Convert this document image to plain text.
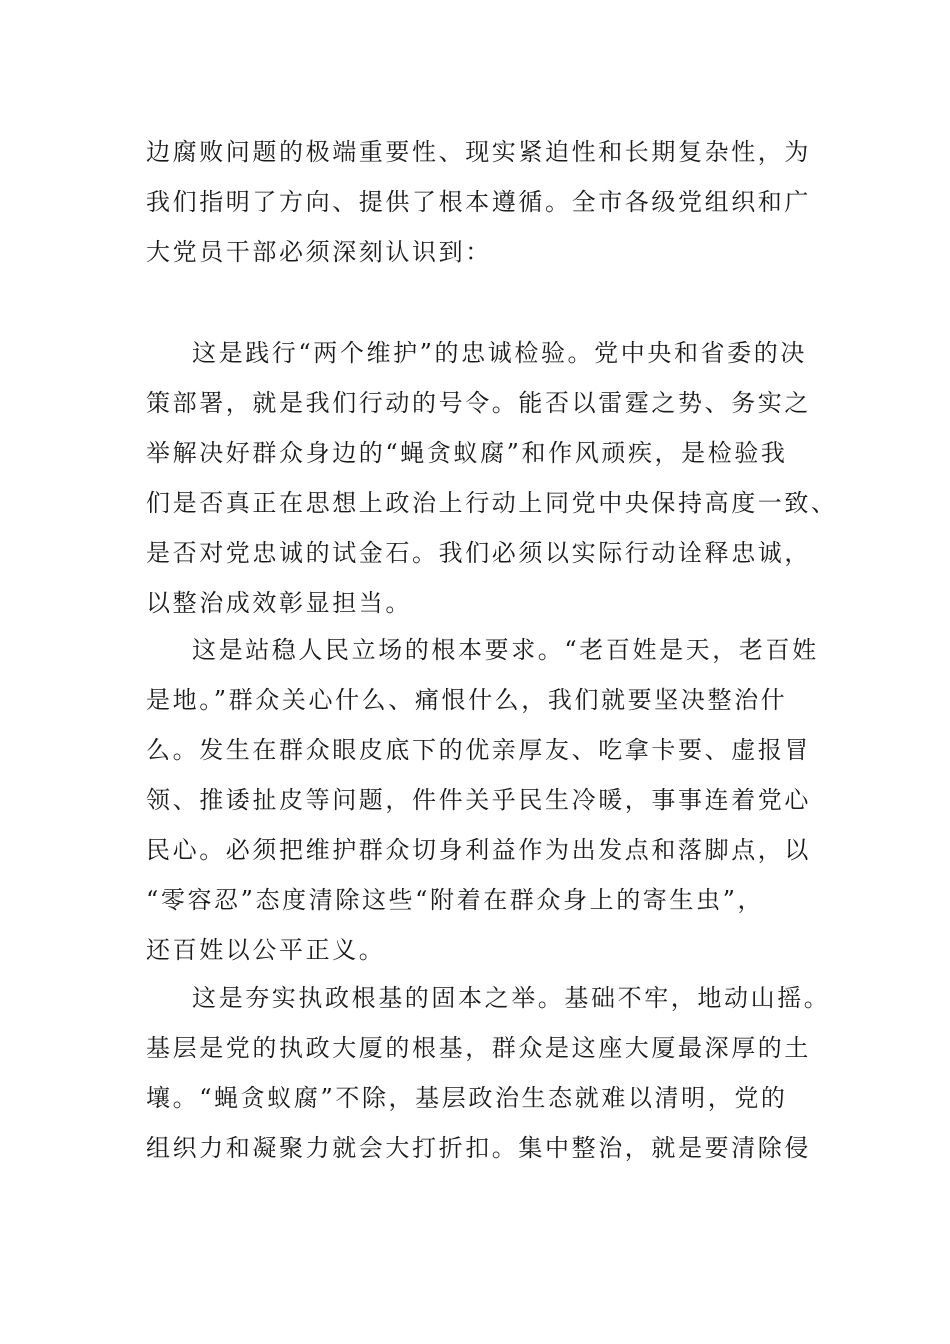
边腐败问题的极端重要性、现实紧迫性和长期复杂性，为
我们指明了方向、提供了根本遵循。全市各级党组织和广
大党员干部必须深刻认识到：
这是践行“两个维护”的忠诚检验。党中央和省委的决
策部署，就是我们行动的号令。能否以雷霆之势、务实之
举解决好群众身边的“蝇贪蚁腐”和作风顽疾，是检验我
们是否真正在思想上政治上行动上同党中央保持高度一致、
是否对党忠诚的试金石。我们必须以实际行动诠释忠诚，
以整治成效彰显担当。
这是站稳人民立场的根本要求。“老百姓是天，老百姓
是地。”群众关心什么、痛恨什么，我们就要坚决整治什
么。发生在群众眼皮底下的优亲厚友、吃拿卡要、虚报冒
领、推诿扯皮等问题，件件关乎民生冷暖，事事连着党心
民心。必须把维护群众切身利益作为出发点和落脚点，以
“零容忍”态度清除这些“附着在群众身上的寄生虫”，
还百姓以公平正义。
这是夯实执政根基的固本之举。基础不牢，地动山摇。
基层是党的执政大厦的根基，群众是这座大厦最深厚的土
壤。“蝇贪蚁腐”不除，基层政治生态就难以清明，党的
组织力和凝聚力就会大打折扣。集中整治，就是要清除侵
